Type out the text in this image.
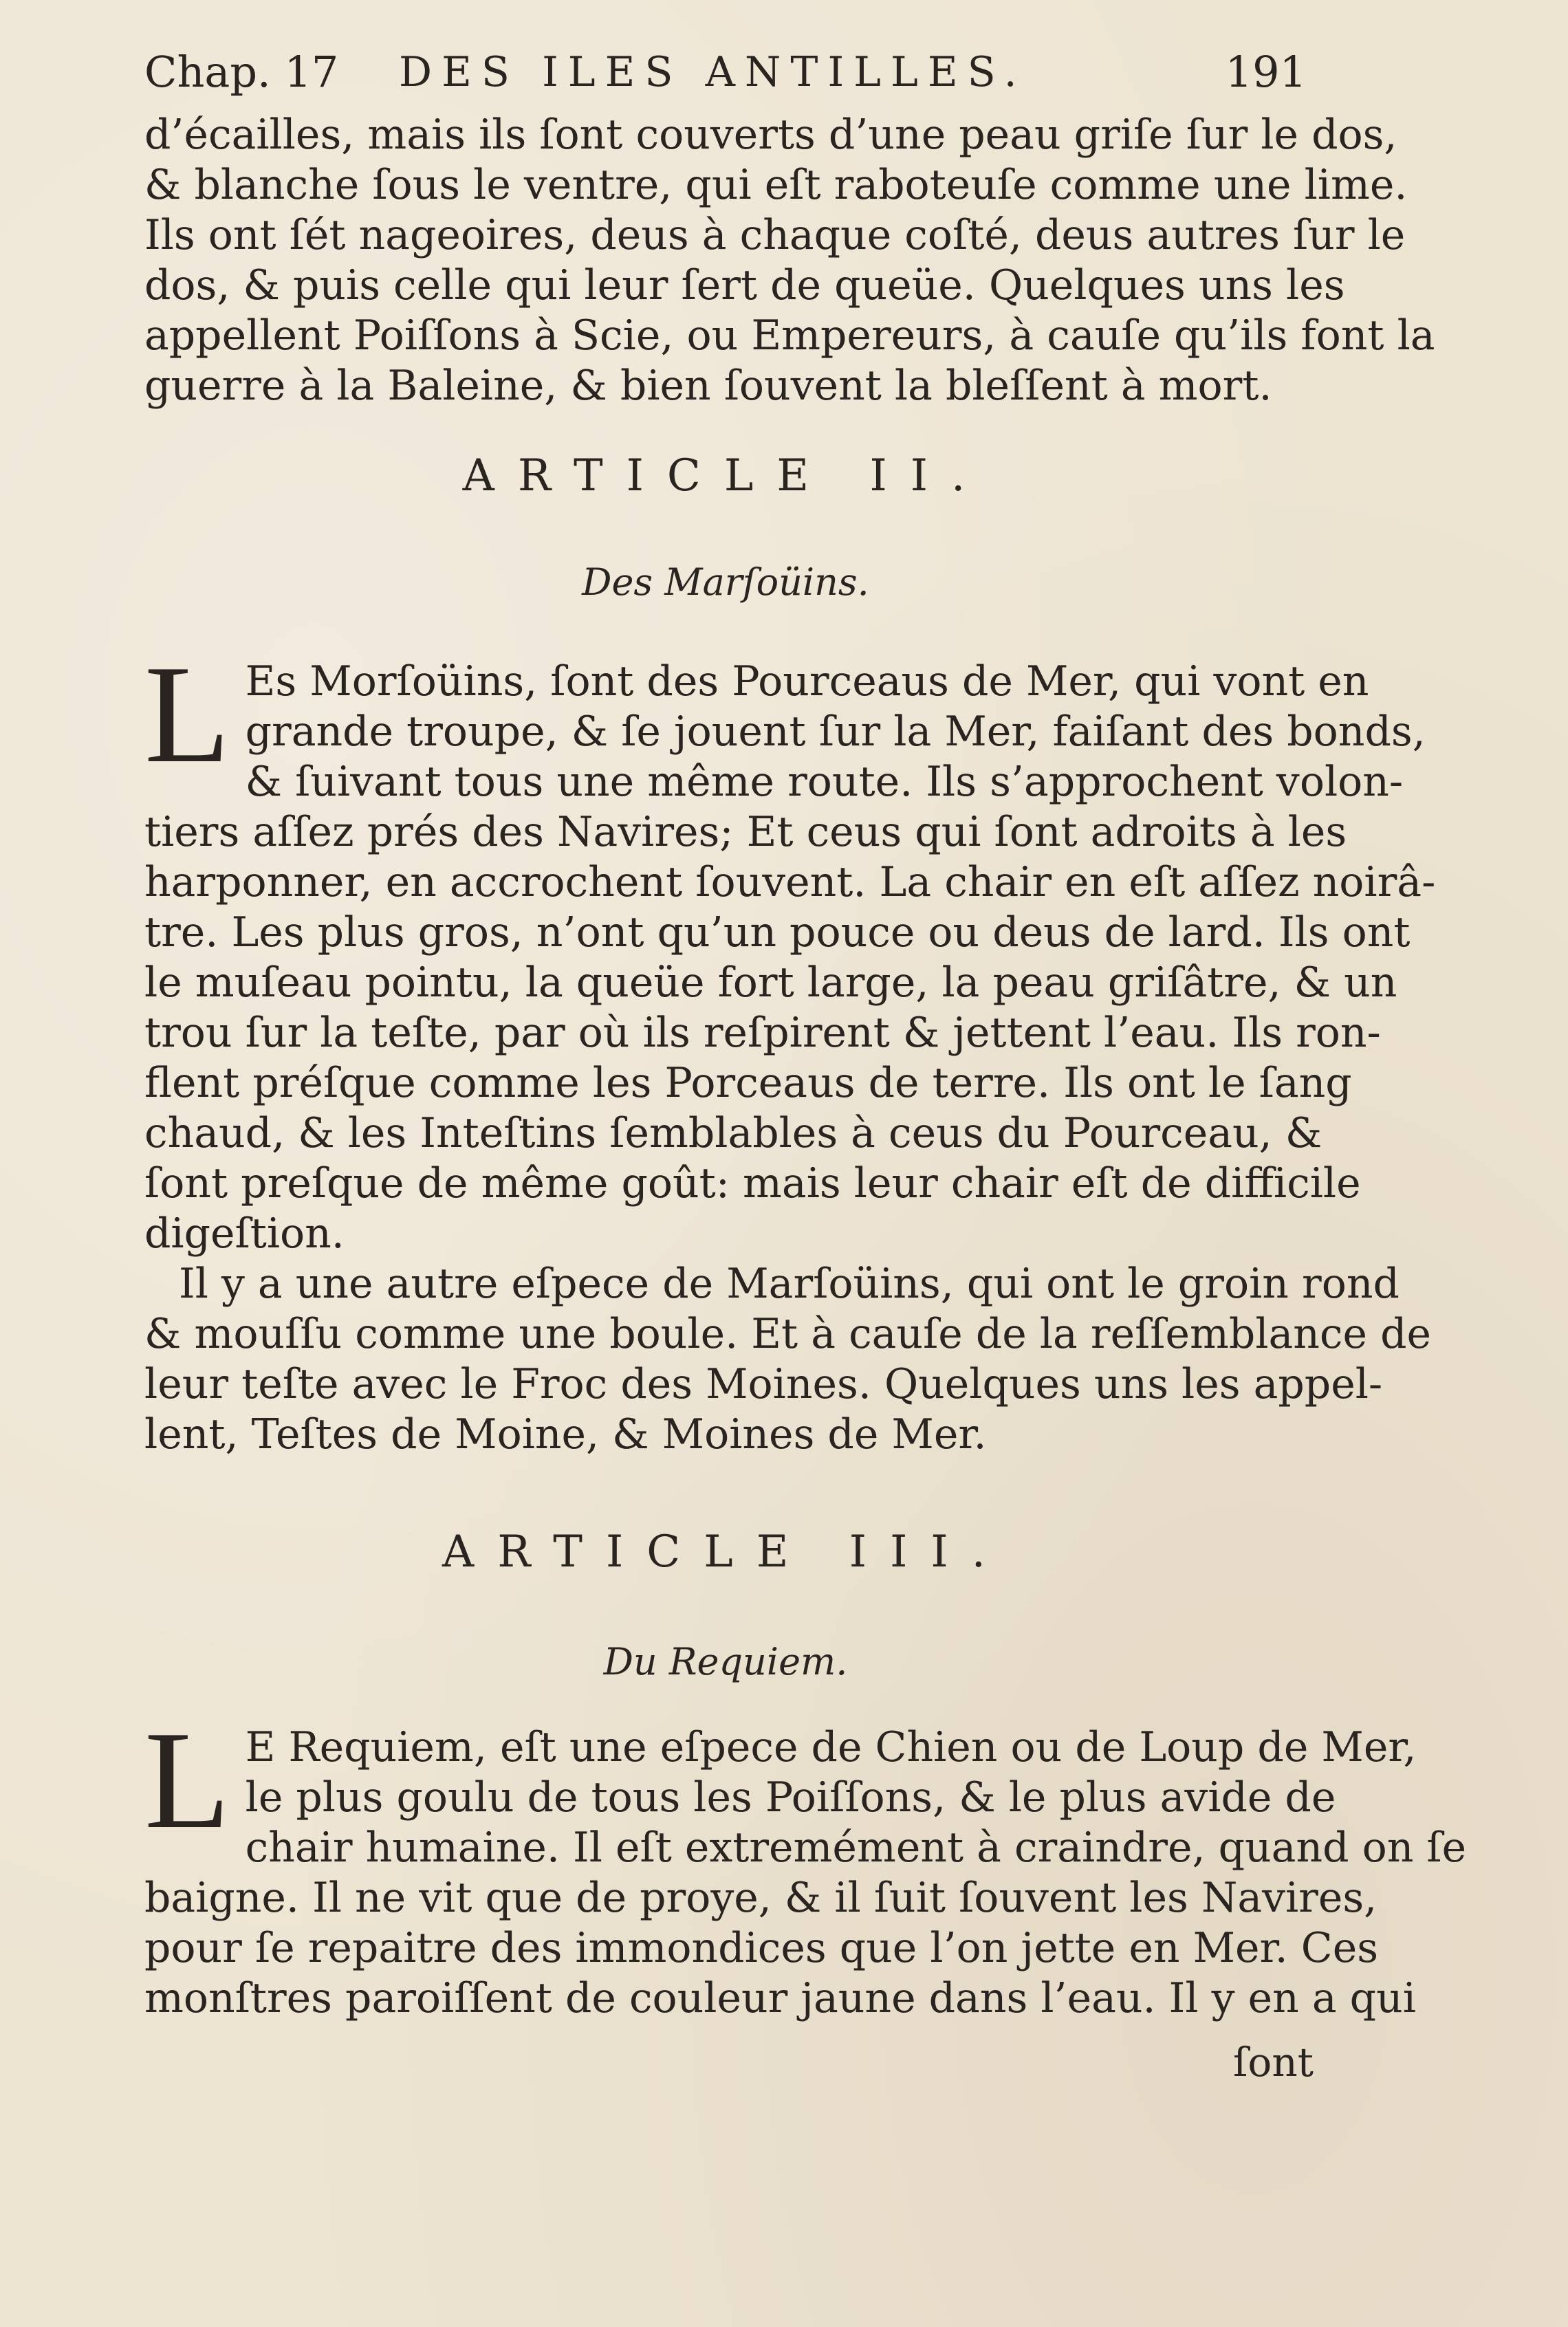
Chap. 17 DES ILES ANTILLES.	191

d’écailles, mais ils ſont couverts d’une peau griſe ſur le dos,
& blanche ſous le ventre, qui eſt raboteuſe comme une lime.
Ils ont ſét nageoires, deus à chaque coſté, deus autres ſur le
dos, & puis celle qui leur ſert de queüe. Quelques uns les
appellent Poiſſons à Scie, ou Empereurs, à cauſe qu’ils font la
guerre à la Baleine, & bien ſouvent la bleſſent à mort.

ARTICLE II.
Des Marſoüins.

L Es Morſoüins, ſont des Pourceaus de Mer, qui vont en
grande troupe, & ſe jouent ſur la Mer, faiſant des bonds,
& ſuivant tous une même route. Ils s’approchent volon-
tiers aſſez prés des Navires; Et ceus qui ſont adroits à les
harponner, en accrochent ſouvent. La chair en eſt aſſez noirâ-
tre. Les plus gros, n’ont qu’un pouce ou deus de lard. Ils ont
le muſeau pointu, la queüe fort large, la peau griſâtre, & un
trou ſur la teſte, par où ils reſpirent & jettent l’eau. Ils ron-
flent préſque comme les Porceaus de terre. Ils ont le ſang
chaud, & les Inteſtins ſemblables à ceus du Pourceau, &
ſont preſque de même goût: mais leur chair eſt de difficile
digeſtion.
Il y a une autre eſpece de Marſoüins, qui ont le groin rond
& mouſſu comme une boule. Et à cauſe de la reſſemblance de
leur teſte avec le Froc des Moines. Quelques uns les appel-
lent, Teſtes de Moine, & Moines de Mer.

ARTICLE III.
Du Requiem.

L E Requiem, eſt une eſpece de Chien ou de Loup de Mer,
le plus goulu de tous les Poiſſons, & le plus avide de
chair humaine. Il eſt extremément à craindre, quand on ſe
baigne. Il ne vit que de proye, & il ſuit ſouvent les Navires,
pour ſe repaitre des immondices que l’on jette en Mer. Ces
monſtres paroiſſent de couleur jaune dans l’eau. Il y en a qui

ſont
